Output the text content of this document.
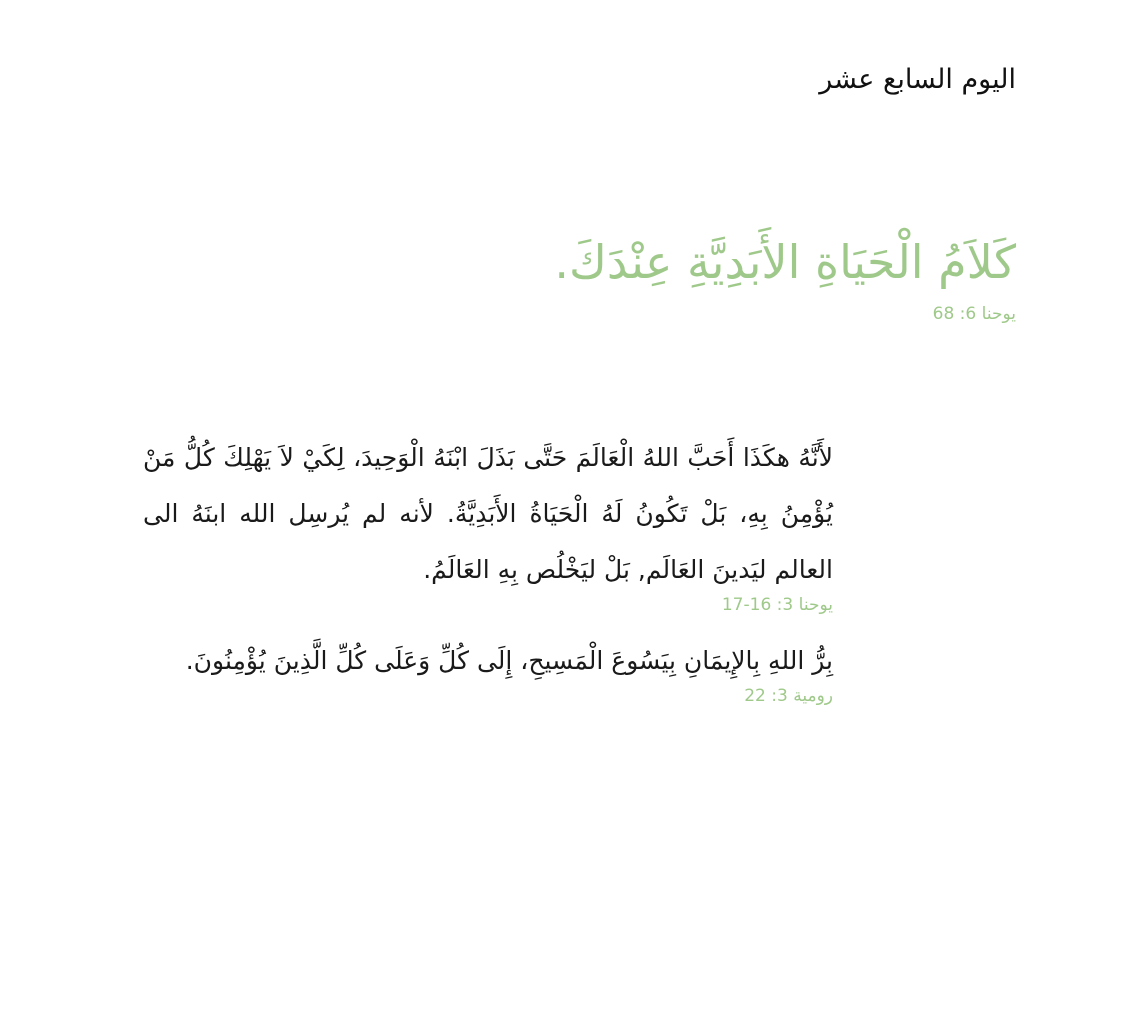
اليوم السابع عشر
كَلاَمُ الْحَيَاةِ الأَبَدِيَّةِ عِنْدَكَ.
يوحنا 6: 68
لأَنَّهُ هكَذَا أَحَبَّ اللهُ الْعَالَمَ حَتَّى بَذَلَ ابْنَهُ الْوَحِيدَ، لِكَيْ لاَ يَهْلِكَ كُلُّ مَنْ يُؤْمِنُ بِهِ، بَلْ تَكُونُ لَهُ الْحَيَاةُ الأَبَدِيَّةُ. لأنه لم يُرسِل الله ابنَهُ الى العالم ليَدينَ العَالَم, بَلْ ليَخْلُص بِهِ العَالَمُ.
يوحنا 3: 16-17
بِرُّ اللهِ بِالإِيمَانِ بِيَسُوعَ الْمَسِيحِ، إِلَى كُلِّ وَعَلَى كُلِّ الَّذِينَ يُؤْمِنُونَ.
رومية 3: 22
